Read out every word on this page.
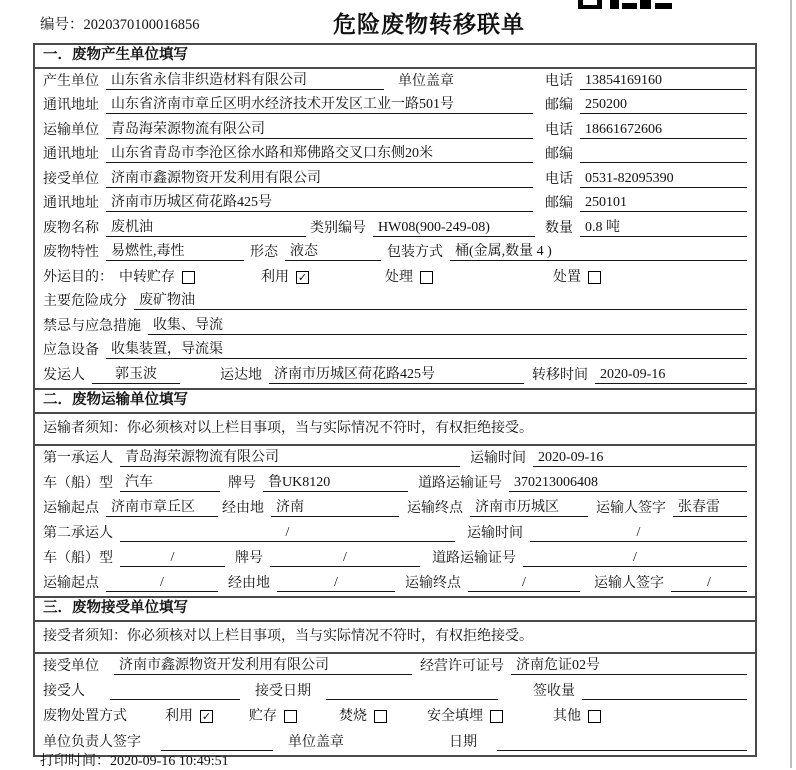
编号：2020370100016856	危险废物转移联单
一．废物产生单位填写
产生单位 山东省永信非织造材料有限公司	单位盖章	电话 13854169160
通讯地址 山东省济南市章丘区明水经济技术开发区工业一路501号	邮编 250200
运输单位 青岛海荣源物流有限公司	电话 18661672606
通讯地址 山东省青岛市李沧区徐水路和郑佛路交叉口东侧20米	邮编
接受单位 济南市鑫源物资开发利用有限公司	电话 0531-82095390
通讯地址 济南市历城区荷花路425号	邮编 250101
废物名称 废机油	类别编号 HW08(900-249-08)	数量 0.8 吨
废物特性 易燃性,毒性	形态 液态	包装方式 桶(金属,数量 4 )
外运目的： 中转贮存	利用 ✓	处理	处置
主要危险成分 废矿物油
禁忌与应急措施 收集、导流
应急设备 收集装置，导流渠
发运人	郭玉波	运达地 济南市历城区荷花路425号	转移时间 2020-09-16
二．废物运输单位填写
运输者须知：你必须核对以上栏目事项，当与实际情况不符时，有权拒绝接受。
第一承运人 青岛海荣源物流有限公司	运输时间 2020-09-16
车（船）型 汽车	牌号 鲁UK8120	道路运输证号 370213006408
运输起点 济南市章丘区	经由地 济南	运输终点 济南市历城区	运输人签字 张春雷
第二承运人	/	运输时间	/
车（船）型	/	牌号	/	道路运输证号	/
运输起点	/	经由地	/	运输终点	/	运输人签字	/
三．废物接受单位填写
接受者须知：你必须核对以上栏目事项，当与实际情况不符时，有权拒绝接受。
接受单位	济南市鑫源物资开发利用有限公司	经营许可证号 济南危证02号
接受人	接受日期	签收量
废物处置方式	利用 ✓	贮存	焚烧	安全填埋	其他
单位负责人签字	单位盖章	日期
打印时间：2020-09-16 10:49:51
